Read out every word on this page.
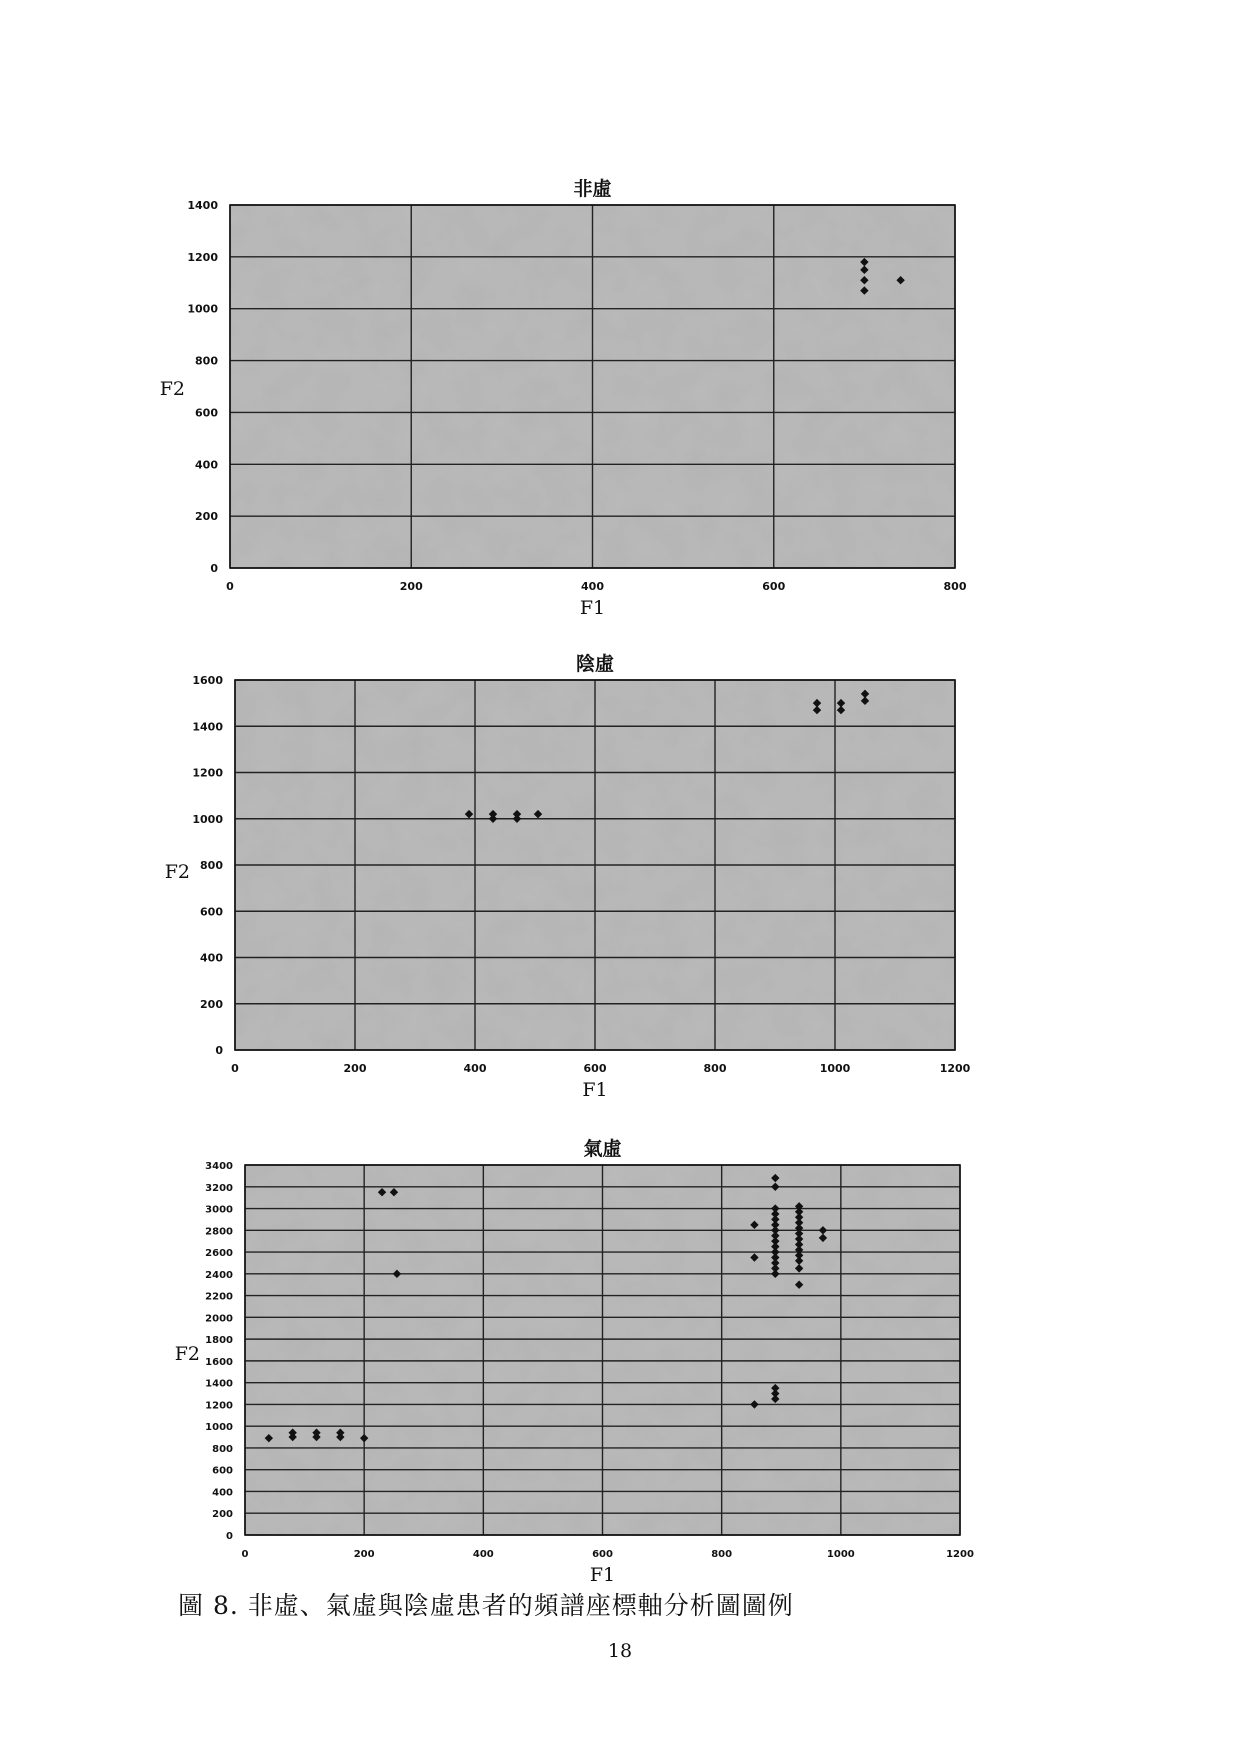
0
200
400
600
800
1000
1200
1400
0	200	400	600	800
非虛
F1
F2
0
200
400
600
800
1000
1200
1400
1600
0	200	400	600	800	1000	1200
陰虛
F1
F2
0
200
400
600
800
1000
1200
1400
1600
1800
2000
2200
2400
2600
2800
3000
3200
3400
0	200	400	600	800	1000	1200
氣虛
F1
F2
圖 8. 非虛、氣虛與陰虛患者的頻譜座標軸分析圖圖例
18
